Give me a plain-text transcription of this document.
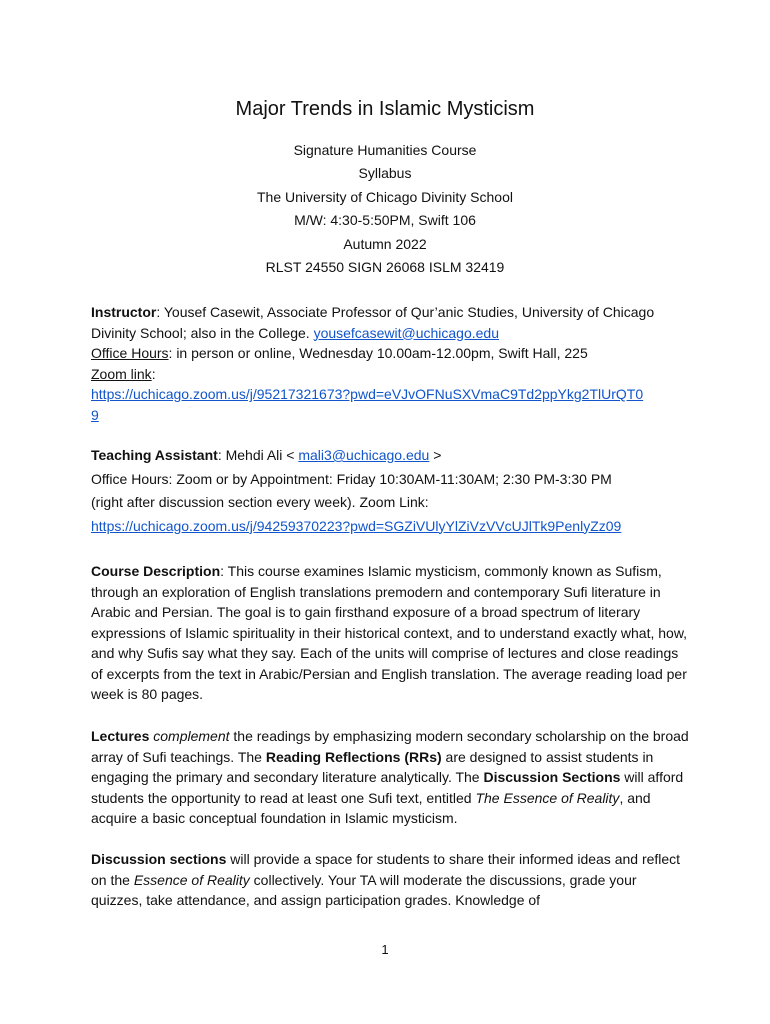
Major Trends in Islamic Mysticism
Signature Humanities Course
Syllabus
The University of Chicago Divinity School
M/W: 4:30-5:50PM, Swift 106
Autumn 2022
RLST 24550 SIGN 26068 ISLM 32419
Instructor: Yousef Casewit, Associate Professor of Qur’anic Studies, University of Chicago Divinity School; also in the College. yousefcasewit@uchicago.edu
Office Hours: in person or online, Wednesday 10.00am-12.00pm, Swift Hall, 225
Zoom link:
https://uchicago.zoom.us/j/95217321673?pwd=eVJvOFNuSXVmaC9Td2ppYkg2TlUrQT0
9
Teaching Assistant: Mehdi Ali < mali3@uchicago.edu >
Office Hours: Zoom or by Appointment: Friday 10:30AM-11:30AM; 2:30 PM-3:30 PM
(right after discussion section every week). Zoom Link:
https://uchicago.zoom.us/j/94259370223?pwd=SGZiVUlyYlZiVzVVcUJlTk9PenlyZz09
Course Description: This course examines Islamic mysticism, commonly known as Sufism, through an exploration of English translations premodern and contemporary Sufi literature in Arabic and Persian. The goal is to gain firsthand exposure of a broad spectrum of literary expressions of Islamic spirituality in their historical context, and to understand exactly what, how, and why Sufis say what they say. Each of the units will comprise of lectures and close readings of excerpts from the text in Arabic/Persian and English translation. The average reading load per week is 80 pages.
Lectures complement the readings by emphasizing modern secondary scholarship on the broad array of Sufi teachings. The Reading Reflections (RRs) are designed to assist students in engaging the primary and secondary literature analytically. The Discussion Sections will afford students the opportunity to read at least one Sufi text, entitled The Essence of Reality, and acquire a basic conceptual foundation in Islamic mysticism.
Discussion sections will provide a space for students to share their informed ideas and reflect on the Essence of Reality collectively. Your TA will moderate the discussions, grade your quizzes, take attendance, and assign participation grades. Knowledge of
1
